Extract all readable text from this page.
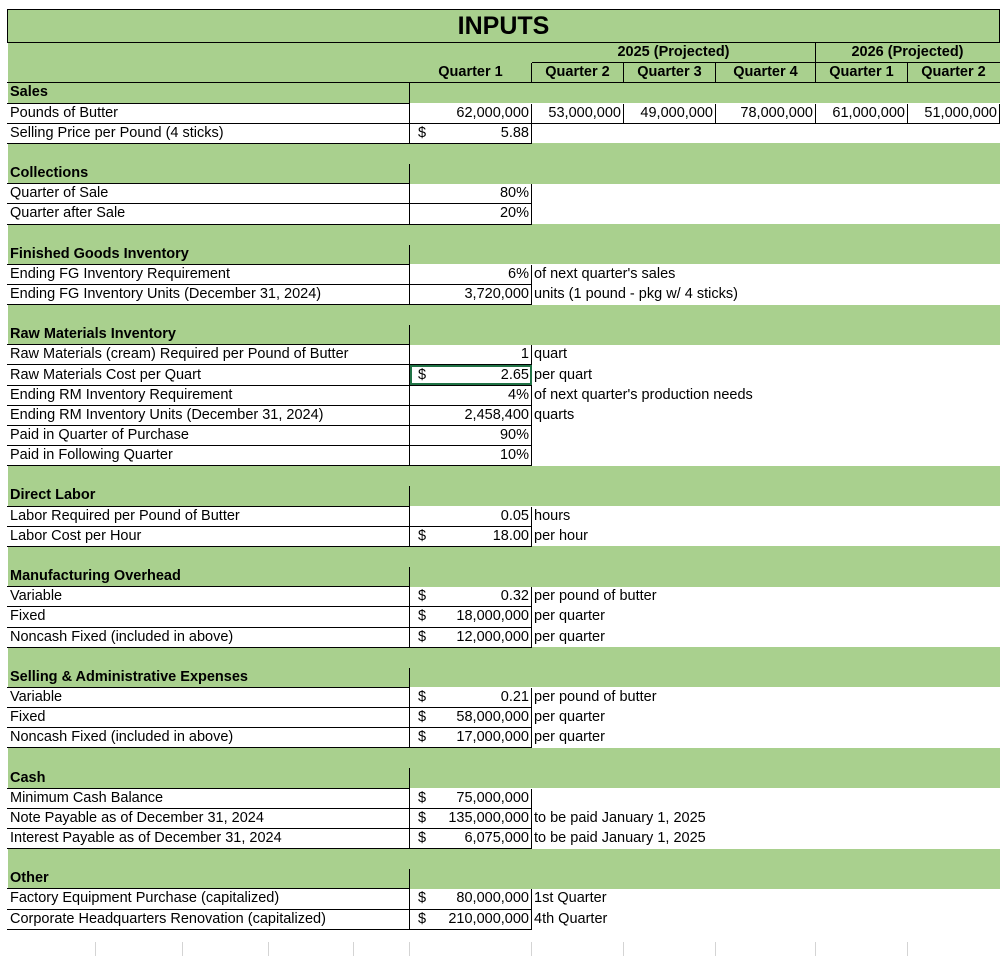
INPUTS						
		2025 (Projected)			2026 (Projected)	
	Quarter 1	Quarter 2	Quarter 3	Quarter 4	Quarter 1	Quarter 2
Sales						
Pounds of Butter	62,000,000	53,000,000	49,000,000	78,000,000	61,000,000	51,000,000
Selling Price per Pound (4 sticks)	$ 5.88					

Collections						
Quarter of Sale	80%					
Quarter after Sale	20%					

Finished Goods Inventory						
Ending FG Inventory Requirement	6%	of next quarter's sales				
Ending FG Inventory Units (December 31, 2024)	3,720,000	units (1 pound - pkg w/ 4 sticks)				

Raw Materials Inventory						
Raw Materials (cream) Required per Pound of Butter	1	quart				
Raw Materials Cost per Quart	$ 2.65	per quart				
Ending RM Inventory Requirement	4%	of next quarter's production needs				
Ending RM Inventory Units (December 31, 2024)	2,458,400	quarts				
Paid in Quarter of Purchase	90%					
Paid in Following Quarter	10%					

Direct Labor						
Labor Required per Pound of Butter	0.05	hours				
Labor Cost per Hour	$ 18.00	per hour				

Manufacturing Overhead						
Variable	$ 0.32	per pound of butter				
Fixed	$ 18,000,000	per quarter				
Noncash Fixed (included in above)	$ 12,000,000	per quarter				

Selling & Administrative Expenses						
Variable	$ 0.21	per pound of butter				
Fixed	$ 58,000,000	per quarter				
Noncash Fixed (included in above)	$ 17,000,000	per quarter				

Cash						
Minimum Cash Balance	$ 75,000,000					
Note Payable as of December 31, 2024	$ 135,000,000	to be paid January 1, 2025				
Interest Payable as of December 31, 2024	$ 6,075,000	to be paid January 1, 2025				

Other						
Factory Equipment Purchase (capitalized)	$ 80,000,000	1st Quarter				
Corporate Headquarters Renovation (capitalized)	$ 210,000,000	4th Quarter				
